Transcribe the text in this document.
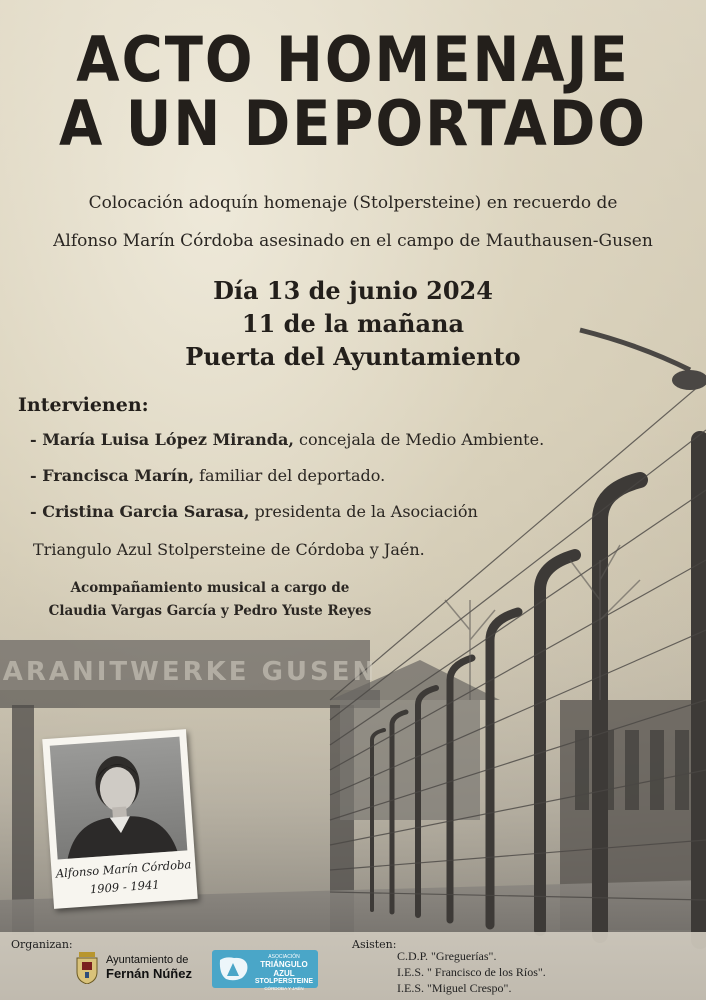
ARANITWERKE GUSEN
ACTO HOMENAJE
A UN DEPORTADO

Colocación adoquín homenaje (Stolpersteine) en recuerdo de

Alfonso Marín Córdoba asesinado en el campo de Mauthausen-Gusen

Día 13 de junio 2024

11 de la mañana

Puerta del Ayuntamiento

Intervienen:

- María Luisa López Miranda, concejala de Medio Ambiente.

- Francisca Marín, familiar del deportado.

- Cristina Garcia Sarasa, presidenta de la Asociación

Triangulo Azul Stolpersteine de Córdoba y Jaén.

Acompañamiento musical a cargo de

Claudia Vargas García y Pedro Yuste Reyes

Alfonso Marín Córdoba

1909 - 1941

Organizan:	Asisten:

Ayuntamiento de
Fernán Núñez
ASOCIACIÓN
TRIÁNGULO AZUL
STOLPERSTEINE
CÓRDOBA Y JAÉN
C.D.P. "Greguerías".
I.E.S. " Francisco de los Ríos".
I.E.S. "Miguel Crespo".
